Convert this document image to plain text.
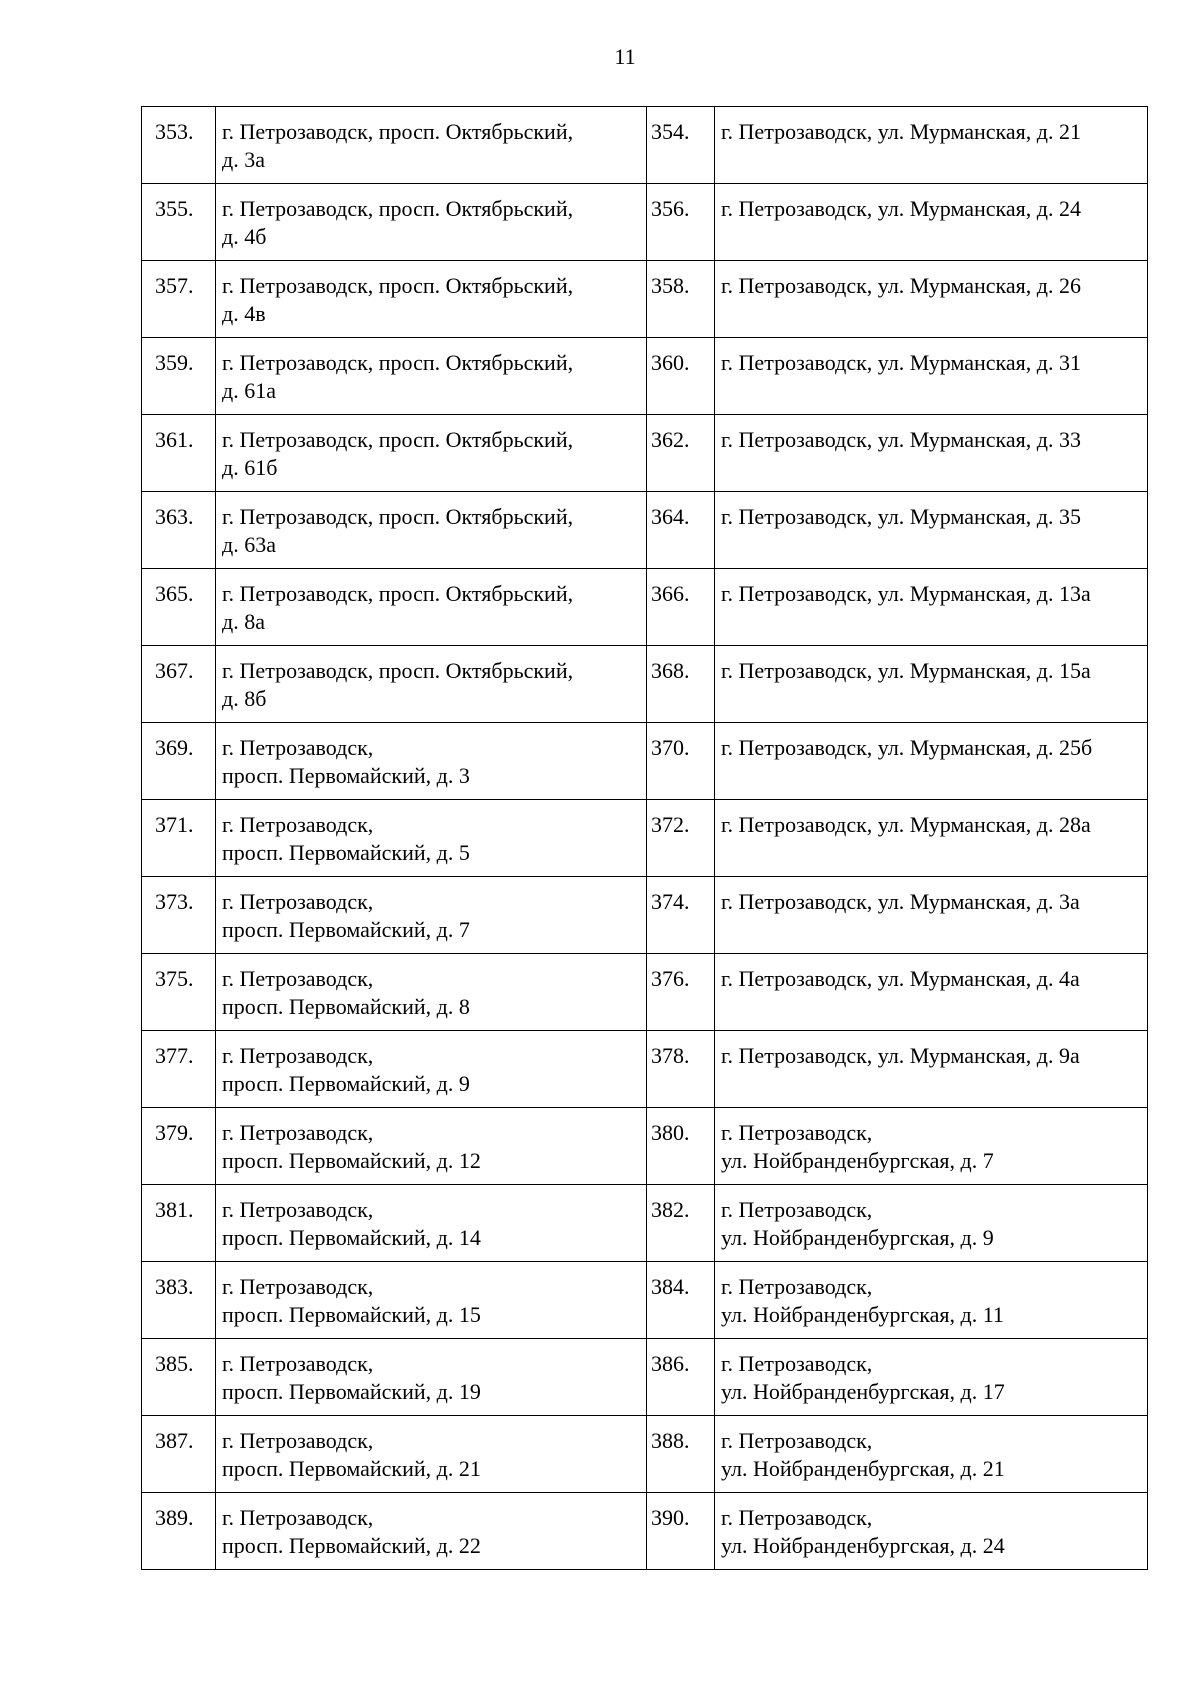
11
353.	г. Петрозаводск, просп. Октябрьский,
д. 3а	354.	г. Петрозаводск, ул. Мурманская, д. 21

355.	г. Петрозаводск, просп. Октябрьский,
д. 4б	356.	г. Петрозаводск, ул. Мурманская, д. 24

357.	г. Петрозаводск, просп. Октябрьский,
д. 4в	358.	г. Петрозаводск, ул. Мурманская, д. 26

359.	г. Петрозаводск, просп. Октябрьский,
д. 61а	360.	г. Петрозаводск, ул. Мурманская, д. 31

361.	г. Петрозаводск, просп. Октябрьский,
д. 61б	362.	г. Петрозаводск, ул. Мурманская, д. 33

363.	г. Петрозаводск, просп. Октябрьский,
д. 63а	364.	г. Петрозаводск, ул. Мурманская, д. 35

365.	г. Петрозаводск, просп. Октябрьский,
д. 8а	366.	г. Петрозаводск, ул. Мурманская, д. 13а

367.	г. Петрозаводск, просп. Октябрьский,
д. 8б	368.	г. Петрозаводск, ул. Мурманская, д. 15а

369.	г. Петрозаводск,
просп. Первомайский, д. 3	370.	г. Петрозаводск, ул. Мурманская, д. 25б

371.	г. Петрозаводск,
просп. Первомайский, д. 5	372.	г. Петрозаводск, ул. Мурманская, д. 28а

373.	г. Петрозаводск,
просп. Первомайский, д. 7	374.	г. Петрозаводск, ул. Мурманская, д. 3а

375.	г. Петрозаводск,
просп. Первомайский, д. 8	376.	г. Петрозаводск, ул. Мурманская, д. 4а

377.	г. Петрозаводск,
просп. Первомайский, д. 9	378.	г. Петрозаводск, ул. Мурманская, д. 9а

379.	г. Петрозаводск,
просп. Первомайский, д. 12	380.	г. Петрозаводск,
ул. Нойбранденбургская, д. 7

381.	г. Петрозаводск,
просп. Первомайский, д. 14	382.	г. Петрозаводск,
ул. Нойбранденбургская, д. 9

383.	г. Петрозаводск,
просп. Первомайский, д. 15	384.	г. Петрозаводск,
ул. Нойбранденбургская, д. 11

385.	г. Петрозаводск,
просп. Первомайский, д. 19	386.	г. Петрозаводск,
ул. Нойбранденбургская, д. 17

387.	г. Петрозаводск,
просп. Первомайский, д. 21	388.	г. Петрозаводск,
ул. Нойбранденбургская, д. 21

389.	г. Петрозаводск,
просп. Первомайский, д. 22	390.	г. Петрозаводск,
ул. Нойбранденбургская, д. 24
